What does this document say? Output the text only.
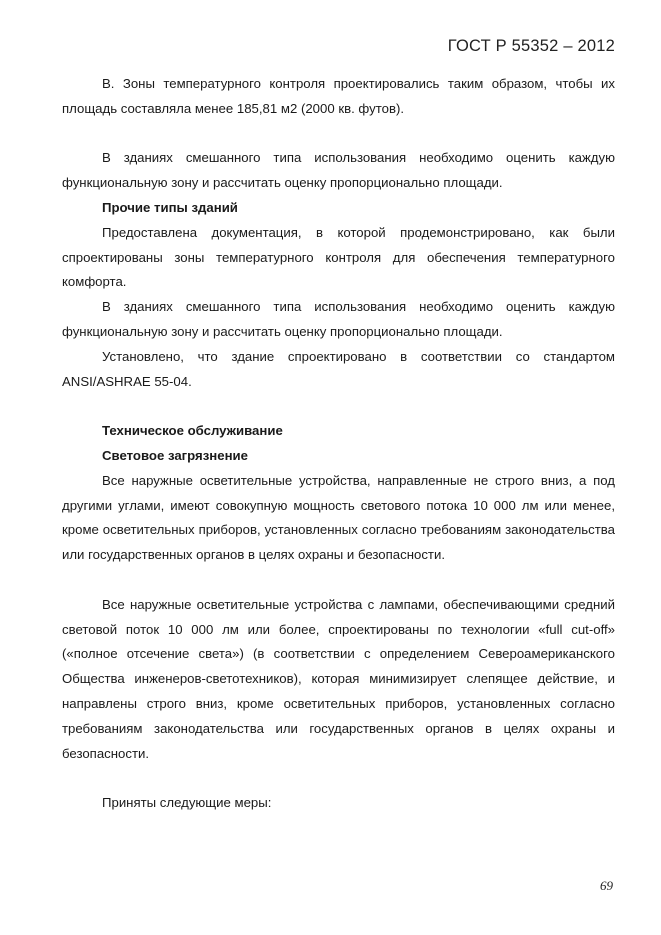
ГОСТ Р 55352 – 2012

В. Зоны температурного контроля проектировались таким образом, чтобы их площадь составляла менее 185,81 м2 (2000 кв. футов).

В зданиях смешанного типа использования необходимо оценить каждую функциональную зону и рассчитать оценку пропорционально площади.

Прочие типы зданий

Предоставлена документация, в которой продемонстрировано, как были спроектированы зоны температурного контроля для обеспечения температурного комфорта.

В зданиях смешанного типа использования необходимо оценить каждую функциональную зону и рассчитать оценку пропорционально площади.

Установлено, что здание спроектировано в соответствии со стандартом ANSI/ASHRAE 55-04.

Техническое обслуживание

Световое загрязнение

Все наружные осветительные устройства, направленные не строго вниз, а под другими углами, имеют совокупную мощность светового потока 10 000 лм или менее, кроме осветительных приборов, установленных согласно требованиям законодательства или государственных органов в целях охраны и безопасности.

Все наружные осветительные устройства с лампами, обеспечивающими средний световой поток 10 000 лм или более, спроектированы по технологии «full cut-off» («полное отсечение света») (в соответствии с определением Североамериканского Общества инженеров-светотехников), которая минимизирует слепящее действие, и направлены строго вниз, кроме осветительных приборов, установленных согласно требованиям законодательства или государственных органов в целях охраны и безопасности.

Приняты следующие меры:

69
